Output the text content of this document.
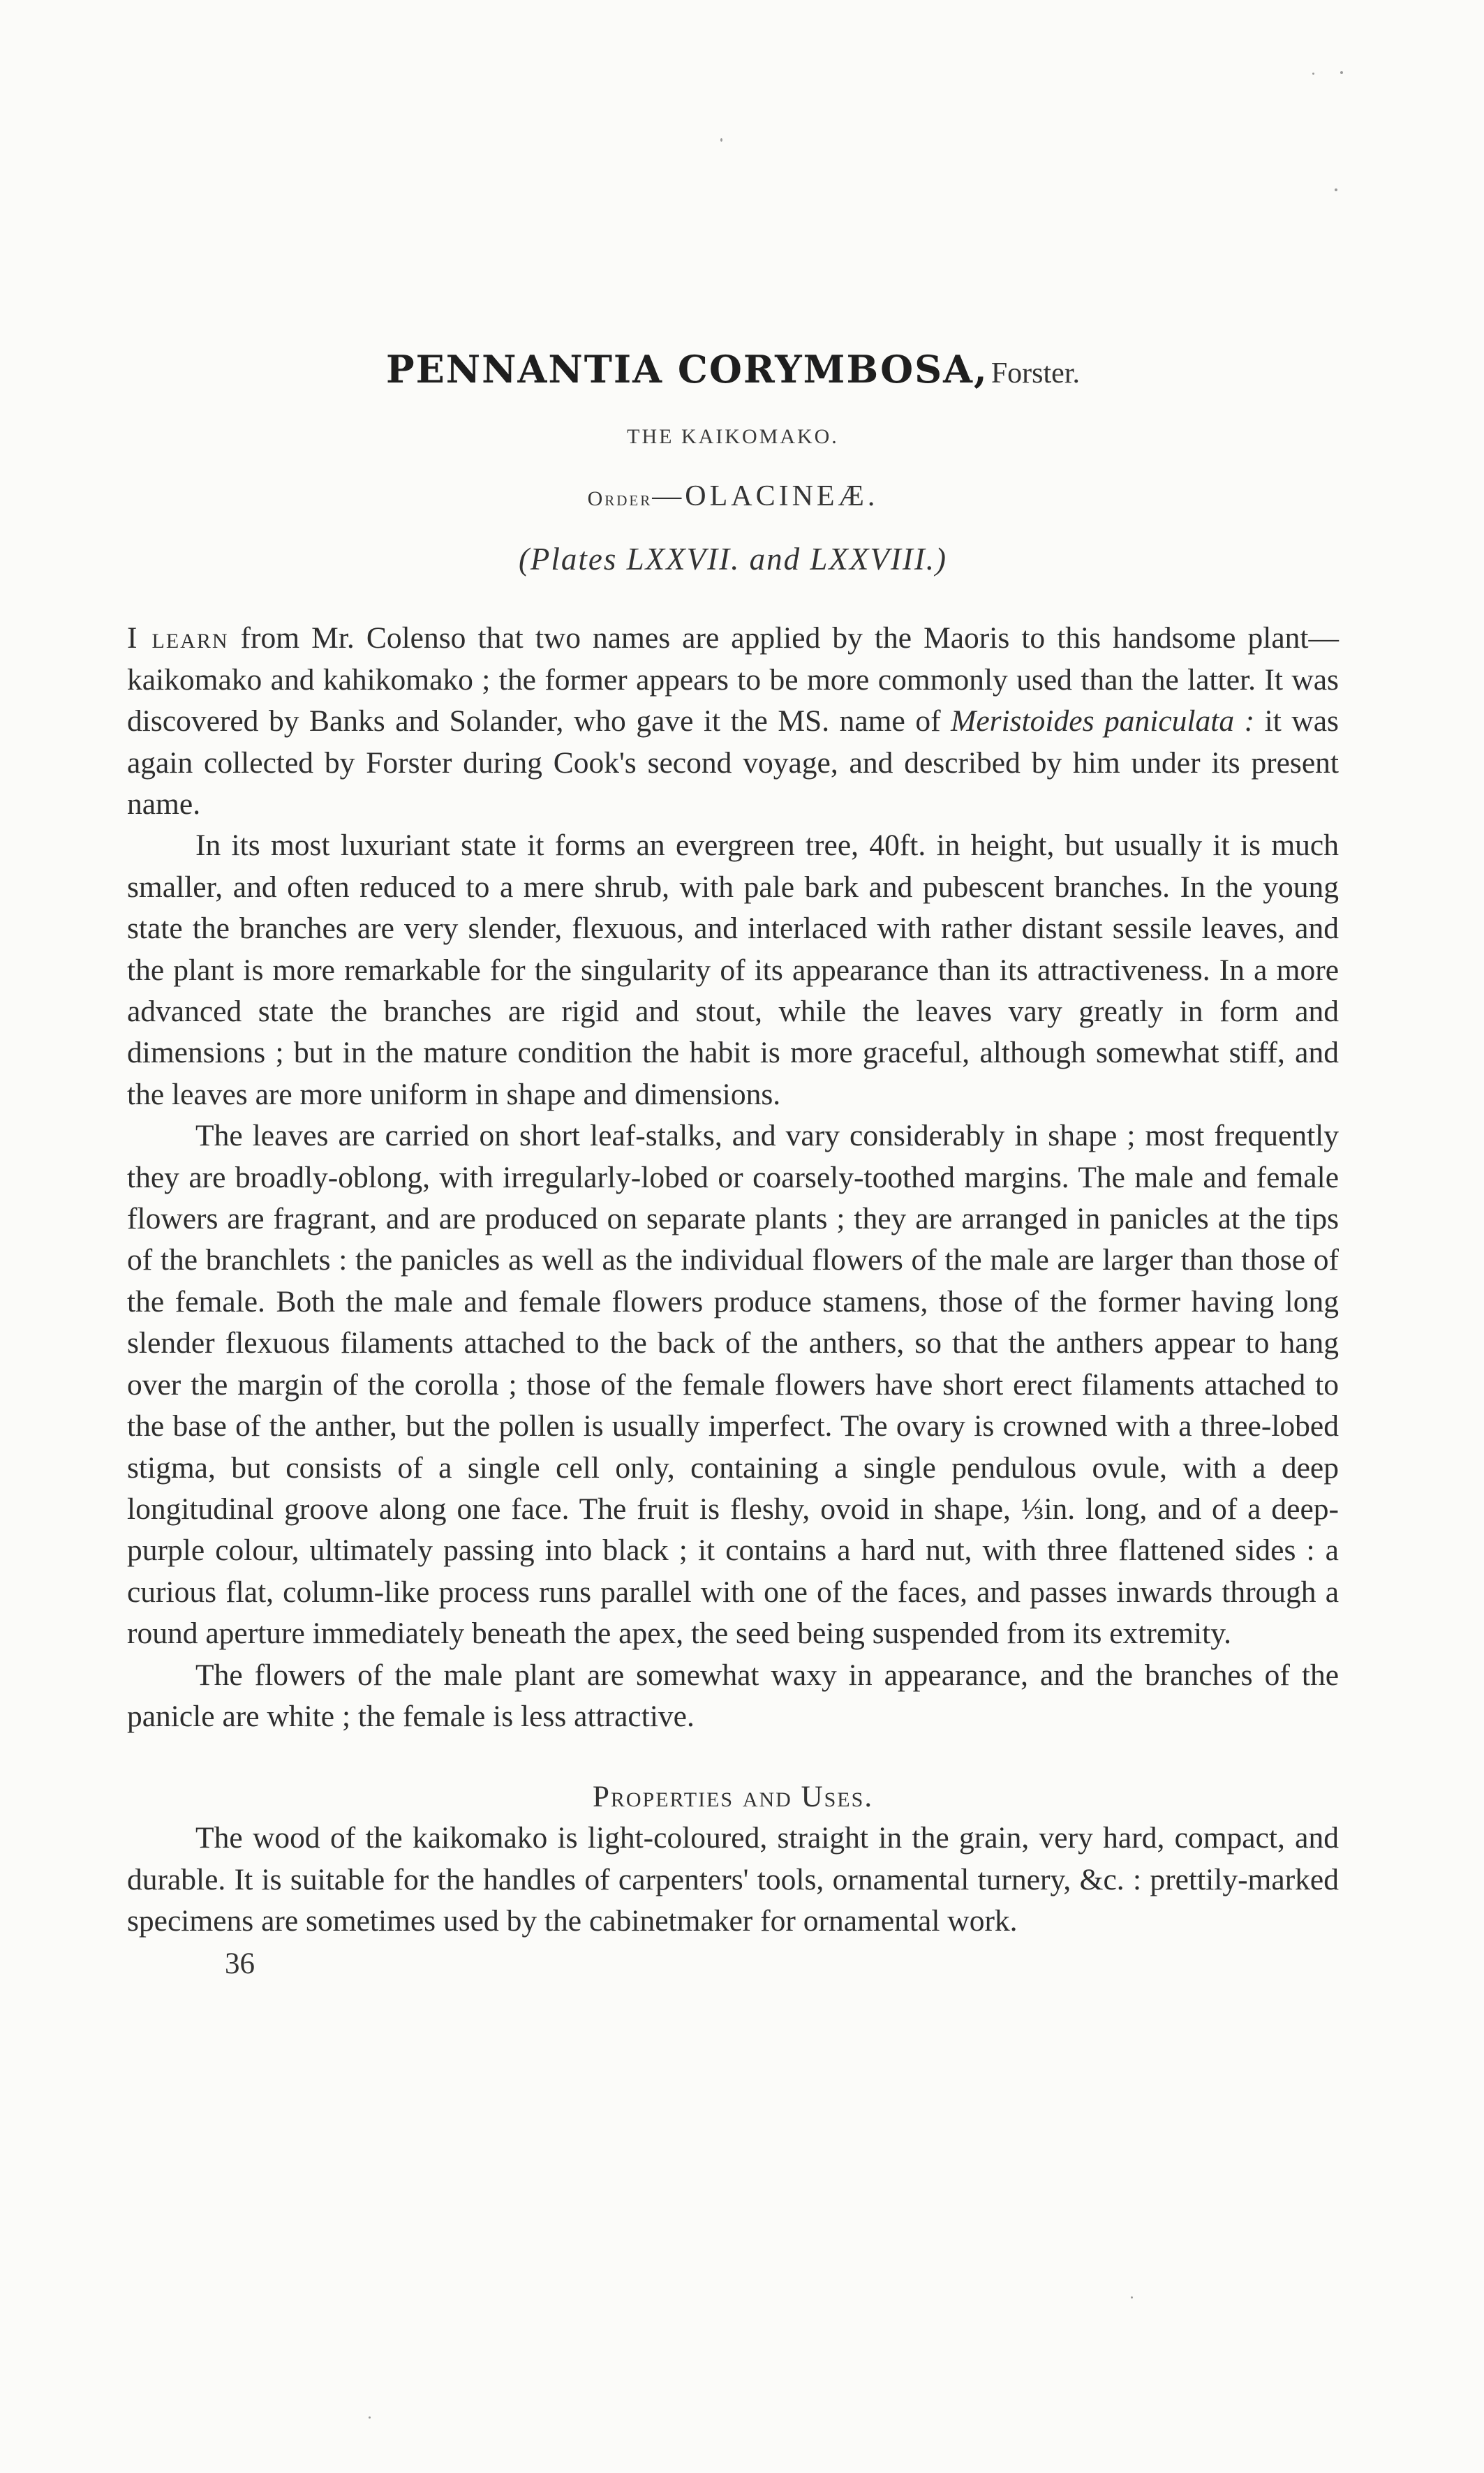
PENNANTIA CORYMBOSA, Forster.

THE KAIKOMAKO.
Order—OLACINEÆ.
(Plates LXXVII. and LXXVIII.)

I learn from Mr. Colenso that two names are applied by the Maoris to this handsome plant—kaikomako and kahikomako ; the former appears to be more commonly used than the latter. It was discovered by Banks and Solander, who gave it the MS. name of Meristoides paniculata : it was again collected by Forster during Cook's second voyage, and described by him under its present name.

In its most luxuriant state it forms an evergreen tree, 40ft. in height, but usually it is much smaller, and often reduced to a mere shrub, with pale bark and pubescent branches. In the young state the branches are very slender, flexuous, and interlaced with rather distant sessile leaves, and the plant is more remarkable for the singularity of its appearance than its attractiveness. In a more advanced state the branches are rigid and stout, while the leaves vary greatly in form and dimensions ; but in the mature condition the habit is more graceful, although somewhat stiff, and the leaves are more uniform in shape and dimensions.

The leaves are carried on short leaf-stalks, and vary considerably in shape ; most frequently they are broadly-oblong, with irregularly-lobed or coarsely-toothed margins. The male and female flowers are fragrant, and are produced on separate plants ; they are arranged in panicles at the tips of the branchlets : the panicles as well as the individual flowers of the male are larger than those of the female. Both the male and female flowers produce stamens, those of the former having long slender flexuous filaments attached to the back of the anthers, so that the anthers appear to hang over the margin of the corolla ; those of the female flowers have short erect filaments attached to the base of the anther, but the pollen is usually imperfect. The ovary is crowned with a three-lobed stigma, but consists of a single cell only, containing a single pendulous ovule, with a deep longitudinal groove along one face. The fruit is fleshy, ovoid in shape, ⅓in. long, and of a deep-purple colour, ultimately passing into black ; it contains a hard nut, with three flattened sides : a curious flat, column-like process runs parallel with one of the faces, and passes inwards through a round aperture immediately beneath the apex, the seed being suspended from its extremity.

The flowers of the male plant are somewhat waxy in appearance, and the branches of the panicle are white ; the female is less attractive.

Properties and Uses.

The wood of the kaikomako is light-coloured, straight in the grain, very hard, compact, and durable. It is suitable for the handles of carpenters' tools, ornamental turnery, &c. : prettily-marked specimens are sometimes used by the cabinetmaker for ornamental work.

36
